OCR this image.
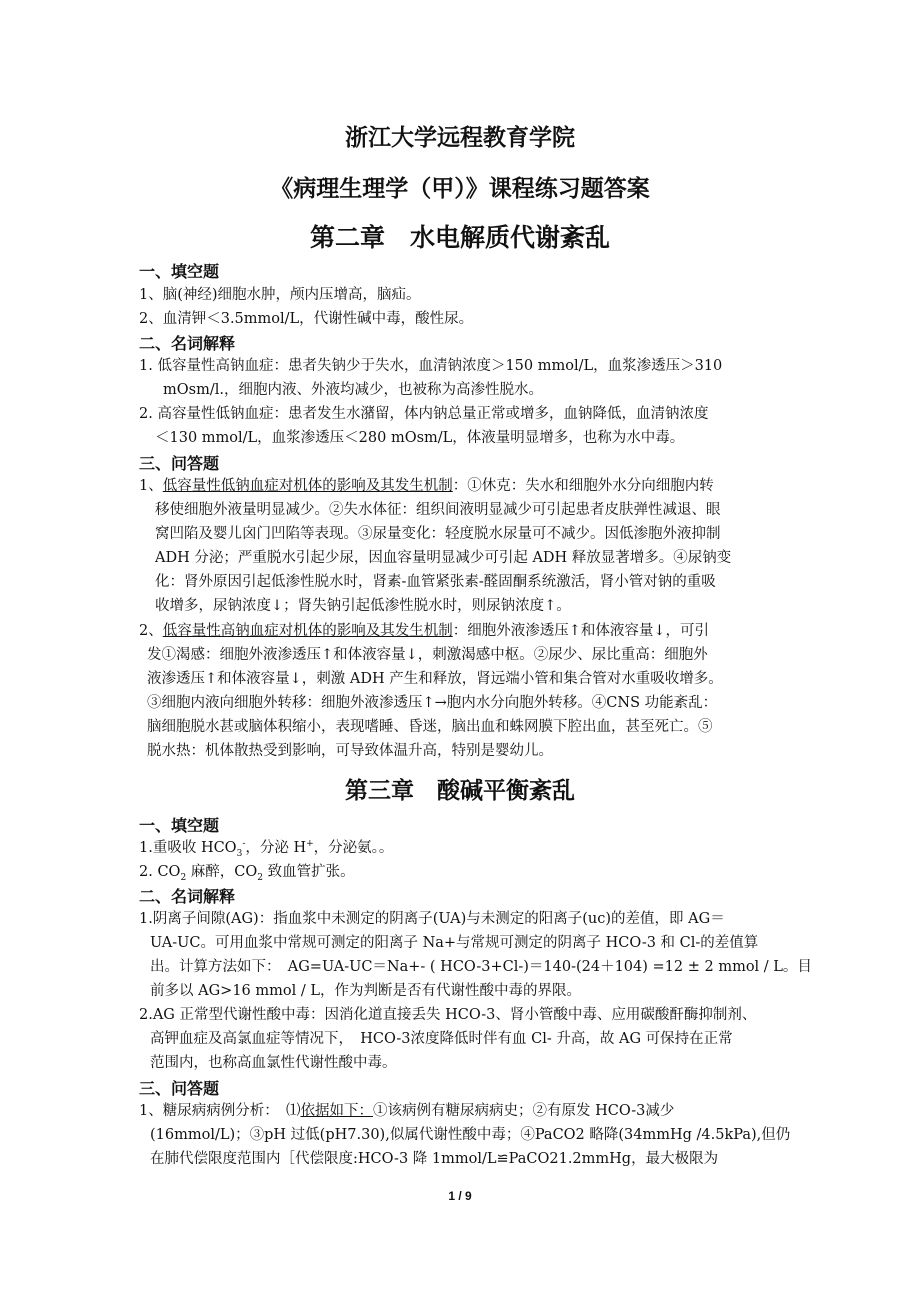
浙江大学远程教育学院
《病理生理学（甲）》课程练习题答案
第二章　水电解质代谢紊乱
一、填空题
1、脑(神经)细胞水肿，颅内压增高，脑疝。
2、血清钾＜3.5mmol/L，代谢性碱中毒，酸性尿。
二、名词解释
1. 低容量性高钠血症：患者失钠少于失水，血清钠浓度＞150 mmol/L，血浆渗透压＞310
mOsm/l.，细胞内液、外液均减少，也被称为高渗性脱水。
2. 高容量性低钠血症：患者发生水潴留，体内钠总量正常或增多，血钠降低，血清钠浓度
＜130 mmol/L，血浆渗透压＜280 mOsm/L，体液量明显增多，也称为水中毒。
三、问答题
1、低容量性低钠血症对机体的影响及其发生机制：①休克：失水和细胞外水分向细胞内转
移使细胞外液量明显减少。②失水体征：组织间液明显减少可引起患者皮肤弹性减退、眼
窝凹陷及婴儿囟门凹陷等表现。③尿量变化：轻度脱水尿量可不减少。因低渗胞外液抑制
ADH 分泌；严重脱水引起少尿，因血容量明显减少可引起 ADH 释放显著增多。④尿钠变
化：肾外原因引起低渗性脱水时，肾素-血管紧张素-醛固酮系统激活，肾小管对钠的重吸
收增多，尿钠浓度↓；肾失钠引起低渗性脱水时，则尿钠浓度↑。
2、低容量性高钠血症对机体的影响及其发生机制：细胞外液渗透压↑和体液容量↓，可引
发①渴感：细胞外液渗透压↑和体液容量↓，刺激渴感中枢。②尿少、尿比重高：细胞外
液渗透压↑和体液容量↓，刺激 ADH 产生和释放，肾远端小管和集合管对水重吸收增多。
③细胞内液向细胞外转移：细胞外液渗透压↑→胞内水分向胞外转移。④CNS 功能紊乱：
脑细胞脱水甚或脑体积缩小，表现嗜睡、昏迷，脑出血和蛛网膜下腔出血，甚至死亡。⑤
脱水热：机体散热受到影响，可导致体温升高，特别是婴幼儿。
第三章　酸碱平衡紊乱
一、填空题
1.重吸收 $HCO_3^-$，分泌 H+，分泌氨。。
2. $CO_2$ 麻醉，$CO_2$ 致血管扩张。
二、名词解释
1.阴离子间隙(AG)：指血浆中未测定的阴离子(UA)与未测定的阳离子(uc)的差值，即 AG＝
UA-UC。可用血浆中常规可测定的阳离子 Na+与常规可测定的阴离子 HCO-3 和 Cl-的差值算
出。计算方法如下：　AG=UA-UC＝Na+- ( HCO-3+Cl-)＝140-(24＋104) =12 ± 2 mmol / L。目
前多以 AG>16 mmol / L，作为判断是否有代谢性酸中毒的界限。
2.AG 正常型代谢性酸中毒：因消化道直接丢失 HCO-3、肾小管酸中毒、应用碳酸酐酶抑制剂、
高钾血症及高氯血症等情况下，　HCO-3浓度降低时伴有血 Cl- 升高，故 AG 可保持在正常
范围内，也称高血氯性代谢性酸中毒。
三、问答题
1、糖尿病病例分析：　⑴依据如下：①该病例有糖尿病病史；②有原发 HCO-3减少
(16mmol/L)；③pH 过低(pH7.30),似属代谢性酸中毒；④PaCO2 略降(34mmHg /4.5kPa),但仍
在肺代偿限度范围内［代偿限度:HCO-3 降 1mmol/L≌PaCO21.2mmHg，最大极限为
1 / 9
